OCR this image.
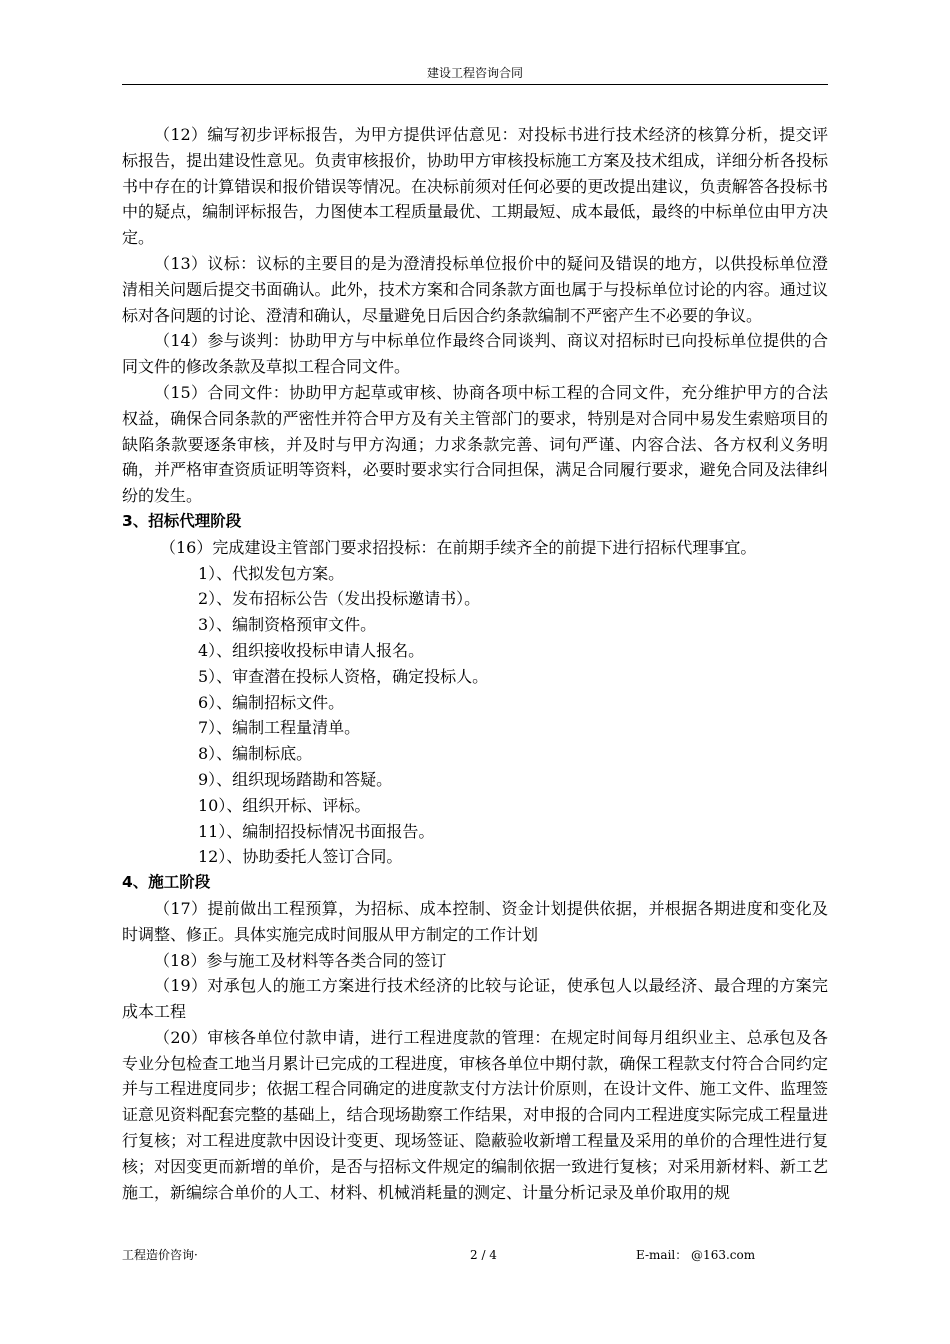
建设工程咨询合同

（12）编写初步评标报告，为甲方提供评估意见：对投标书进行技术经济的核算分析，提交评标报告，提出建设性意见。负责审核报价，协助甲方审核投标施工方案及技术组成，详细分析各投标书中存在的计算错误和报价错误等情况。在决标前须对任何必要的更改提出建议，负责解答各投标书中的疑点，编制评标报告，力图使本工程质量最优、工期最短、成本最低，最终的中标单位由甲方决定。

（13）议标：议标的主要目的是为澄清投标单位报价中的疑问及错误的地方，以供投标单位澄清相关问题后提交书面确认。此外，技术方案和合同条款方面也属于与投标单位讨论的内容。通过议标对各问题的讨论、澄清和确认，尽量避免日后因合约条款编制不严密产生不必要的争议。

（14）参与谈判：协助甲方与中标单位作最终合同谈判、商议对招标时已向投标单位提供的合同文件的修改条款及草拟工程合同文件。

（15）合同文件：协助甲方起草或审核、协商各项中标工程的合同文件，充分维护甲方的合法权益，确保合同条款的严密性并符合甲方及有关主管部门的要求，特别是对合同中易发生索赔项目的缺陷条款要逐条审核，并及时与甲方沟通；力求条款完善、词句严谨、内容合法、各方权利义务明确，并严格审查资质证明等资料，必要时要求实行合同担保，满足合同履行要求，避免合同及法律纠纷的发生。

3、招标代理阶段

（16）完成建设主管部门要求招投标：在前期手续齐全的前提下进行招标代理事宜。

1）、代拟发包方案。

2）、发布招标公告（发出投标邀请书）。

3）、编制资格预审文件。

4）、组织接收投标申请人报名。

5）、审查潜在投标人资格，确定投标人。

6）、编制招标文件。

7）、编制工程量清单。

8）、编制标底。

9）、组织现场踏勘和答疑。

10）、组织开标、评标。

11）、编制招投标情况书面报告。

12）、协助委托人签订合同。

4、施工阶段

（17）提前做出工程预算，为招标、成本控制、资金计划提供依据，并根据各期进度和变化及时调整、修正。具体实施完成时间服从甲方制定的工作计划

（18）参与施工及材料等各类合同的签订

（19）对承包人的施工方案进行技术经济的比较与论证，使承包人以最经济、最合理的方案完成本工程

（20）审核各单位付款申请，进行工程进度款的管理：在规定时间每月组织业主、总承包及各专业分包检查工地当月累计已完成的工程进度，审核各单位中期付款，确保工程款支付符合合同约定并与工程进度同步；依据工程合同确定的进度款支付方法计价原则，在设计文件、施工文件、监理签证意见资料配套完整的基础上，结合现场勘察工作结果，对申报的合同内工程进度实际完成工程量进行复核；对工程进度款中因设计变更、现场签证、隐蔽验收新增工程量及采用的单价的合理性进行复核；对因变更而新增的单价，是否与招标文件规定的编制依据一致进行复核；对采用新材料、新工艺施工，新编综合单价的人工、材料、机械消耗量的测定、计量分析记录及单价取用的规

工程造价咨询·	2 / 4	E-mail： @163.com
